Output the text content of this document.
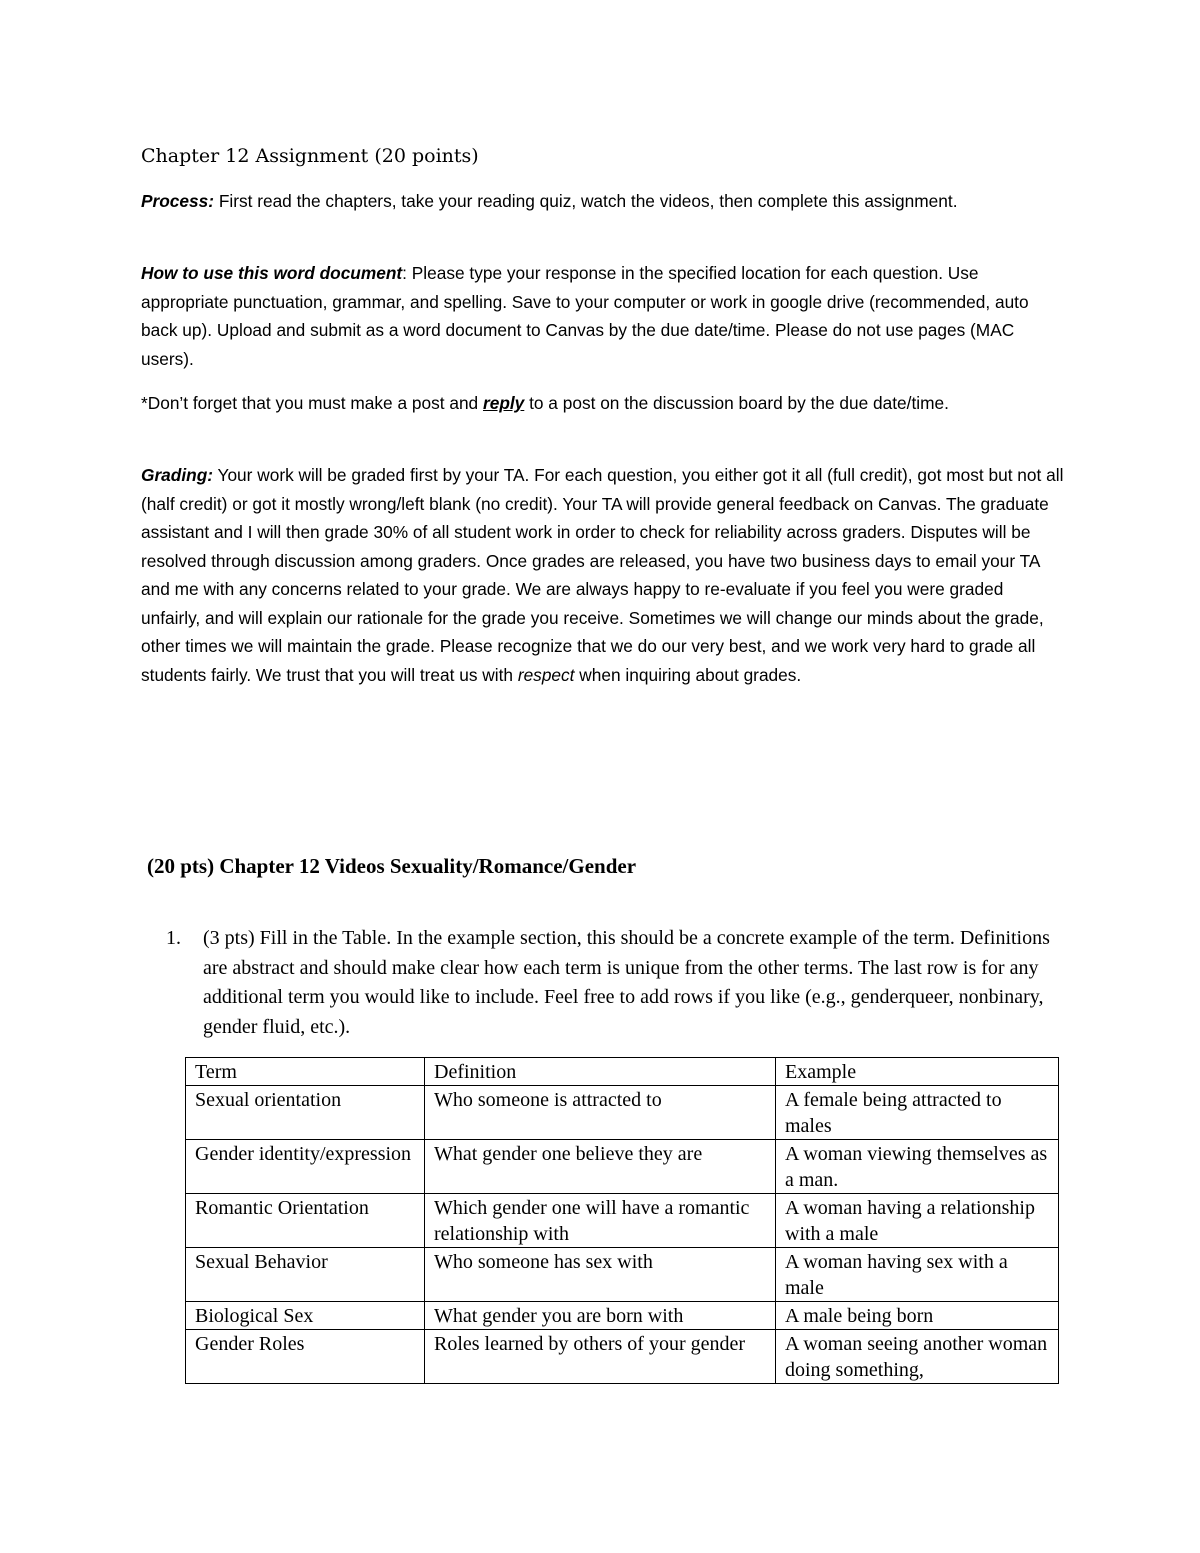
Chapter 12 Assignment (20 points)
Process: First read the chapters, take your reading quiz, watch the videos, then complete this assignment.
How to use this word document: Please type your response in the specified location for each question. Use appropriate punctuation, grammar, and spelling. Save to your computer or work in google drive (recommended, auto back up). Upload and submit as a word document to Canvas by the due date/time. Please do not use pages (MAC users).
*Don’t forget that you must make a post and reply to a post on the discussion board by the due date/time.
Grading: Your work will be graded first by your TA. For each question, you either got it all (full credit), got most but not all (half credit) or got it mostly wrong/left blank (no credit). Your TA will provide general feedback on Canvas. The graduate assistant and I will then grade 30% of all student work in order to check for reliability across graders. Disputes will be resolved through discussion among graders. Once grades are released, you have two business days to email your TA and me with any concerns related to your grade. We are always happy to re-evaluate if you feel you were graded unfairly, and will explain our rationale for the grade you receive. Sometimes we will change our minds about the grade, other times we will maintain the grade. Please recognize that we do our very best, and we work very hard to grade all students fairly. We trust that you will treat us with respect when inquiring about grades.
(20 pts) Chapter 12 Videos Sexuality/Romance/Gender
1. (3 pts) Fill in the Table. In the example section, this should be a concrete example of the term. Definitions are abstract and should make clear how each term is unique from the other terms. The last row is for any additional term you would like to include. Feel free to add rows if you like (e.g., genderqueer, nonbinary, gender fluid, etc.).
Term	Definition	Example
Sexual orientation	Who someone is attracted to	A female being attracted to males
Gender identity/expression	What gender one believe they are	A woman viewing themselves as a man.
Romantic Orientation	Which gender one will have a romantic relationship with	A woman having a relationship with a male
Sexual Behavior	Who someone has sex with	A woman having sex with a male
Biological Sex	What gender you are born with	A male being born
Gender Roles	Roles learned by others of your gender	A woman seeing another woman doing something,
